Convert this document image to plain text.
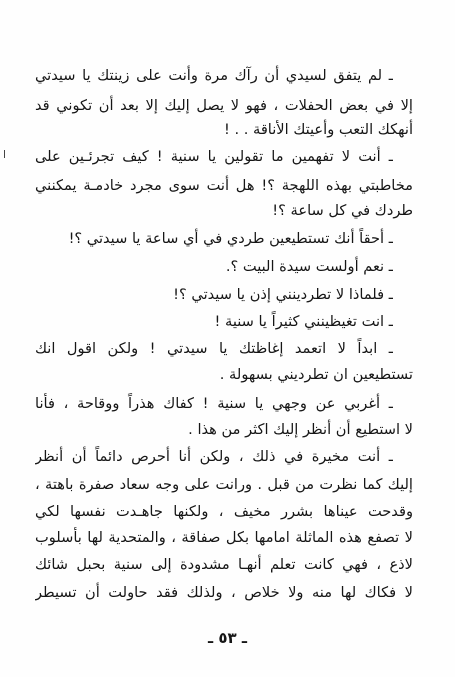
ـ لم يتفق لسيدي أن رآك مرة وأنت على زينتك يا سيدتي
إلا في بعض الحفلات ، فهو لا يصل إليك إلا بعد أن تكوني قد
أنهكك التعب وأعيتك الأناقة . . !
ـ أنت لا تفهمين ما تقولين يا سنية ! كيف تجرئـين على
مخاطبتي بهذه اللهجة ؟! هل أنت سوى مجرد خادمـة يمكنني
طردك في كل ساعة ؟!
ـ أحقاً أنك تستطيعين طردي في أي ساعة يا سيدتي ؟!
ـ نعم أولست سيدة البيت ؟.
ـ فلماذا لا تطردينني إذن يا سيدتي ؟!
ـ انت تغيظينني كثيراً يا سنية !
ـ ابداً لا اتعمد إغاظتك يا سيدتي ! ولكن اقول انك
تستطيعين ان تطرديني بسهولة .
ـ أغربي عن وجهي يا سنية ! كفاك هذراً ووقاحة ، فأنا
لا استطيع أن أنظر إليك اكثر من هذا .
ـ أنت مخيرة في ذلك ، ولكن أنا أحرص دائماً أن أنظر
إليك كما نظرت من قبل . ورانت على وجه سعاد صفرة باهتة ،
وقدحت عيناها بشرر مخيف ، ولكنها جاهـدت نفسها لكي
لا تصفع هذه الماثلة امامها بكل صفاقة ، والمتحدية لها بأسلوب
لاذع ، فهي كانت تعلم أنهـا مشدودة إلى سنية بحبل شائك
لا فكاك لها منه ولا خلاص ، ولذلك فقد حاولت أن تسيطر
ـ ٥٣ ـ
